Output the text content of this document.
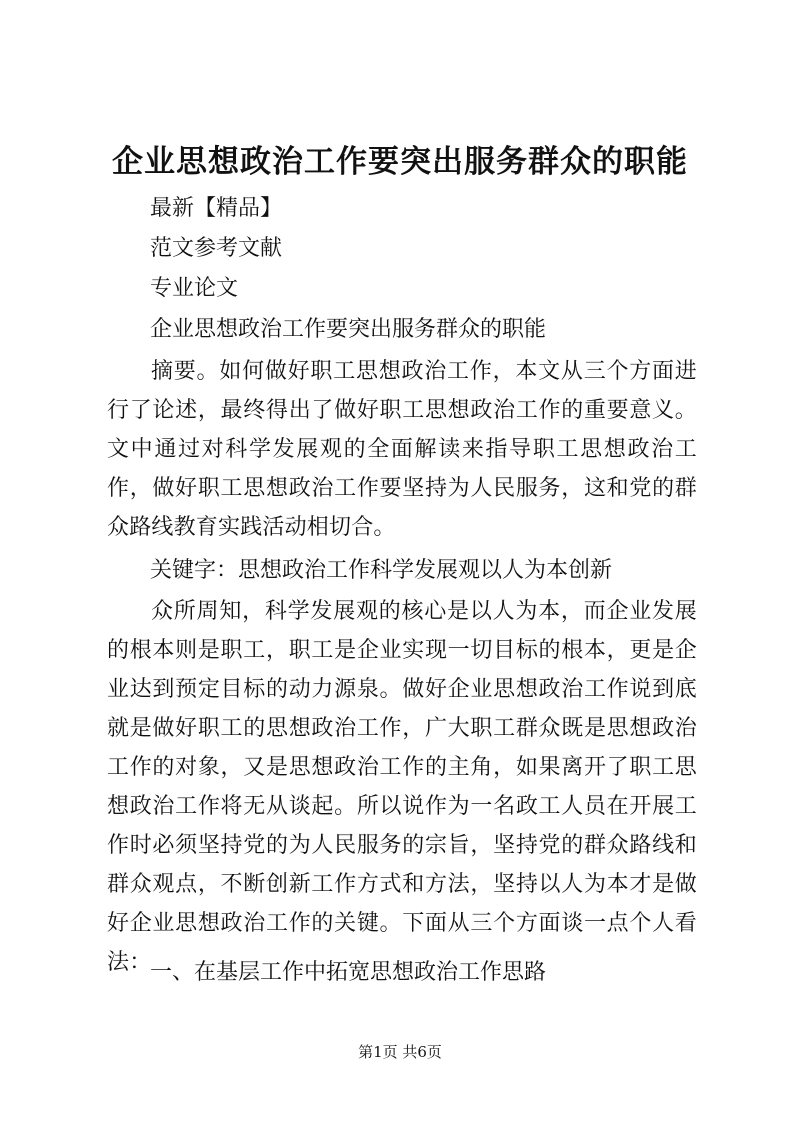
企业思想政治工作要突出服务群众的职能
最新【精品】
范文参考文献
专业论文
企业思想政治工作要突出服务群众的职能
摘要。如何做好职工思想政治工作，本文从三个方面进行了论述，最终得出了做好职工思想政治工作的重要意义。文中通过对科学发展观的全面解读来指导职工思想政治工作，做好职工思想政治工作要坚持为人民服务，这和党的群众路线教育实践活动相切合。
关键字：思想政治工作科学发展观以人为本创新
众所周知，科学发展观的核心是以人为本，而企业发展的根本则是职工，职工是企业实现一切目标的根本，更是企业达到预定目标的动力源泉。做好企业思想政治工作说到底就是做好职工的思想政治工作，广大职工群众既是思想政治工作的对象，又是思想政治工作的主角，如果离开了职工思想政治工作将无从谈起。所以说作为一名政工人员在开展工作时必须坚持党的为人民服务的宗旨，坚持党的群众路线和群众观点，不断创新工作方式和方法，坚持以人为本才是做好企业思想政治工作的关键。下面从三个方面谈一点个人看法：
一、在基层工作中拓宽思想政治工作思路
第1页 共6页
